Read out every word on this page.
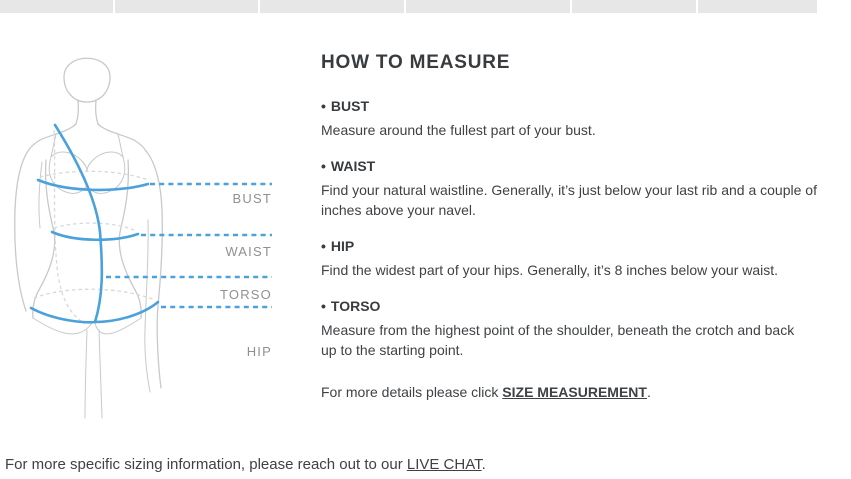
BUST
WAIST
TORSO
HIP
HOW TO MEASURE

• BUST

Measure around the fullest part of your bust.

• WAIST

Find your natural waistline. Generally, it’s just below your last rib and a couple of inches above your navel.

• HIP

Find the widest part of your hips. Generally, it’s 8 inches below your waist.

• TORSO

Measure from the highest point of the shoulder, beneath the crotch and back up to the starting point.

For more details please click SIZE MEASUREMENT.

For more specific sizing information, please reach out to our LIVE CHAT.
